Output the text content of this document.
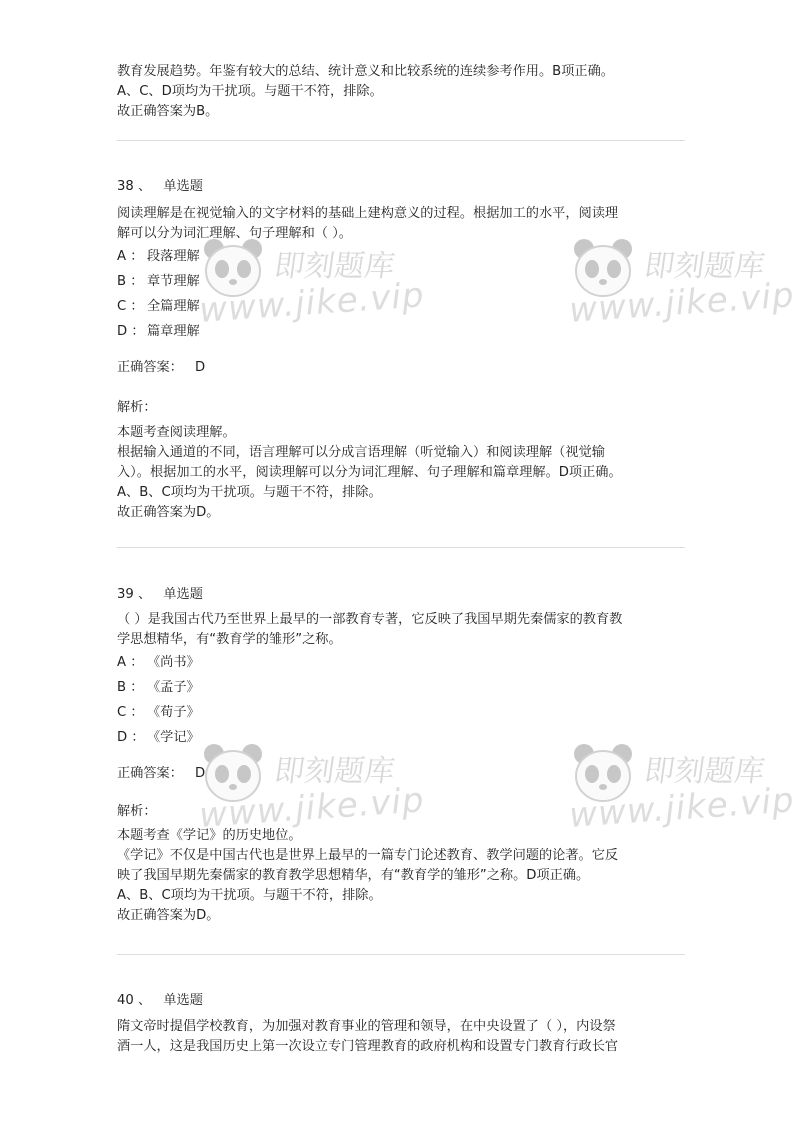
教育发展趋势。年鉴有较大的总结、统计意义和比较系统的连续参考作用。B项正确。
A、C、D项均为干扰项。与题干不符，排除。
故正确答案为B。
38 、 单选题
阅读理解是在视觉输入的文字材料的基础上建构意义的过程。根据加工的水平，阅读理
解可以分为词汇理解、句子理解和（ ）。
A ： 段落理解
B ： 章节理解
C ： 全篇理解
D ： 篇章理解
正确答案： D
解析：
本题考查阅读理解。
根据输入通道的不同，语言理解可以分成言语理解（听觉输入）和阅读理解（视觉输
入）。根据加工的水平，阅读理解可以分为词汇理解、句子理解和篇章理解。D项正确。
A、B、C项均为干扰项。与题干不符，排除。
故正确答案为D。
39 、 单选题
（ ）是我国古代乃至世界上最早的一部教育专著，它反映了我国早期先秦儒家的教育教
学思想精华，有“教育学的雏形”之称。
A ： 《尚书》
B ： 《孟子》
C ： 《荀子》
D ： 《学记》
正确答案： D
解析：
本题考查《学记》的历史地位。
《学记》不仅是中国古代也是世界上最早的一篇专门论述教育、教学问题的论著。它反
映了我国早期先秦儒家的教育教学思想精华，有“教育学的雏形”之称。D项正确。
A、B、C项均为干扰项。与题干不符，排除。
故正确答案为D。
40 、 单选题
隋文帝时提倡学校教育，为加强对教育事业的管理和领导，在中央设置了（ ），内设祭
酒一人，这是我国历史上第一次设立专门管理教育的政府机构和设置专门教育行政长官
即刻题库
www.jike.vip
即刻题库
www.jike.vip
即刻题库
www.jike.vip
即刻题库
www.jike.vip
